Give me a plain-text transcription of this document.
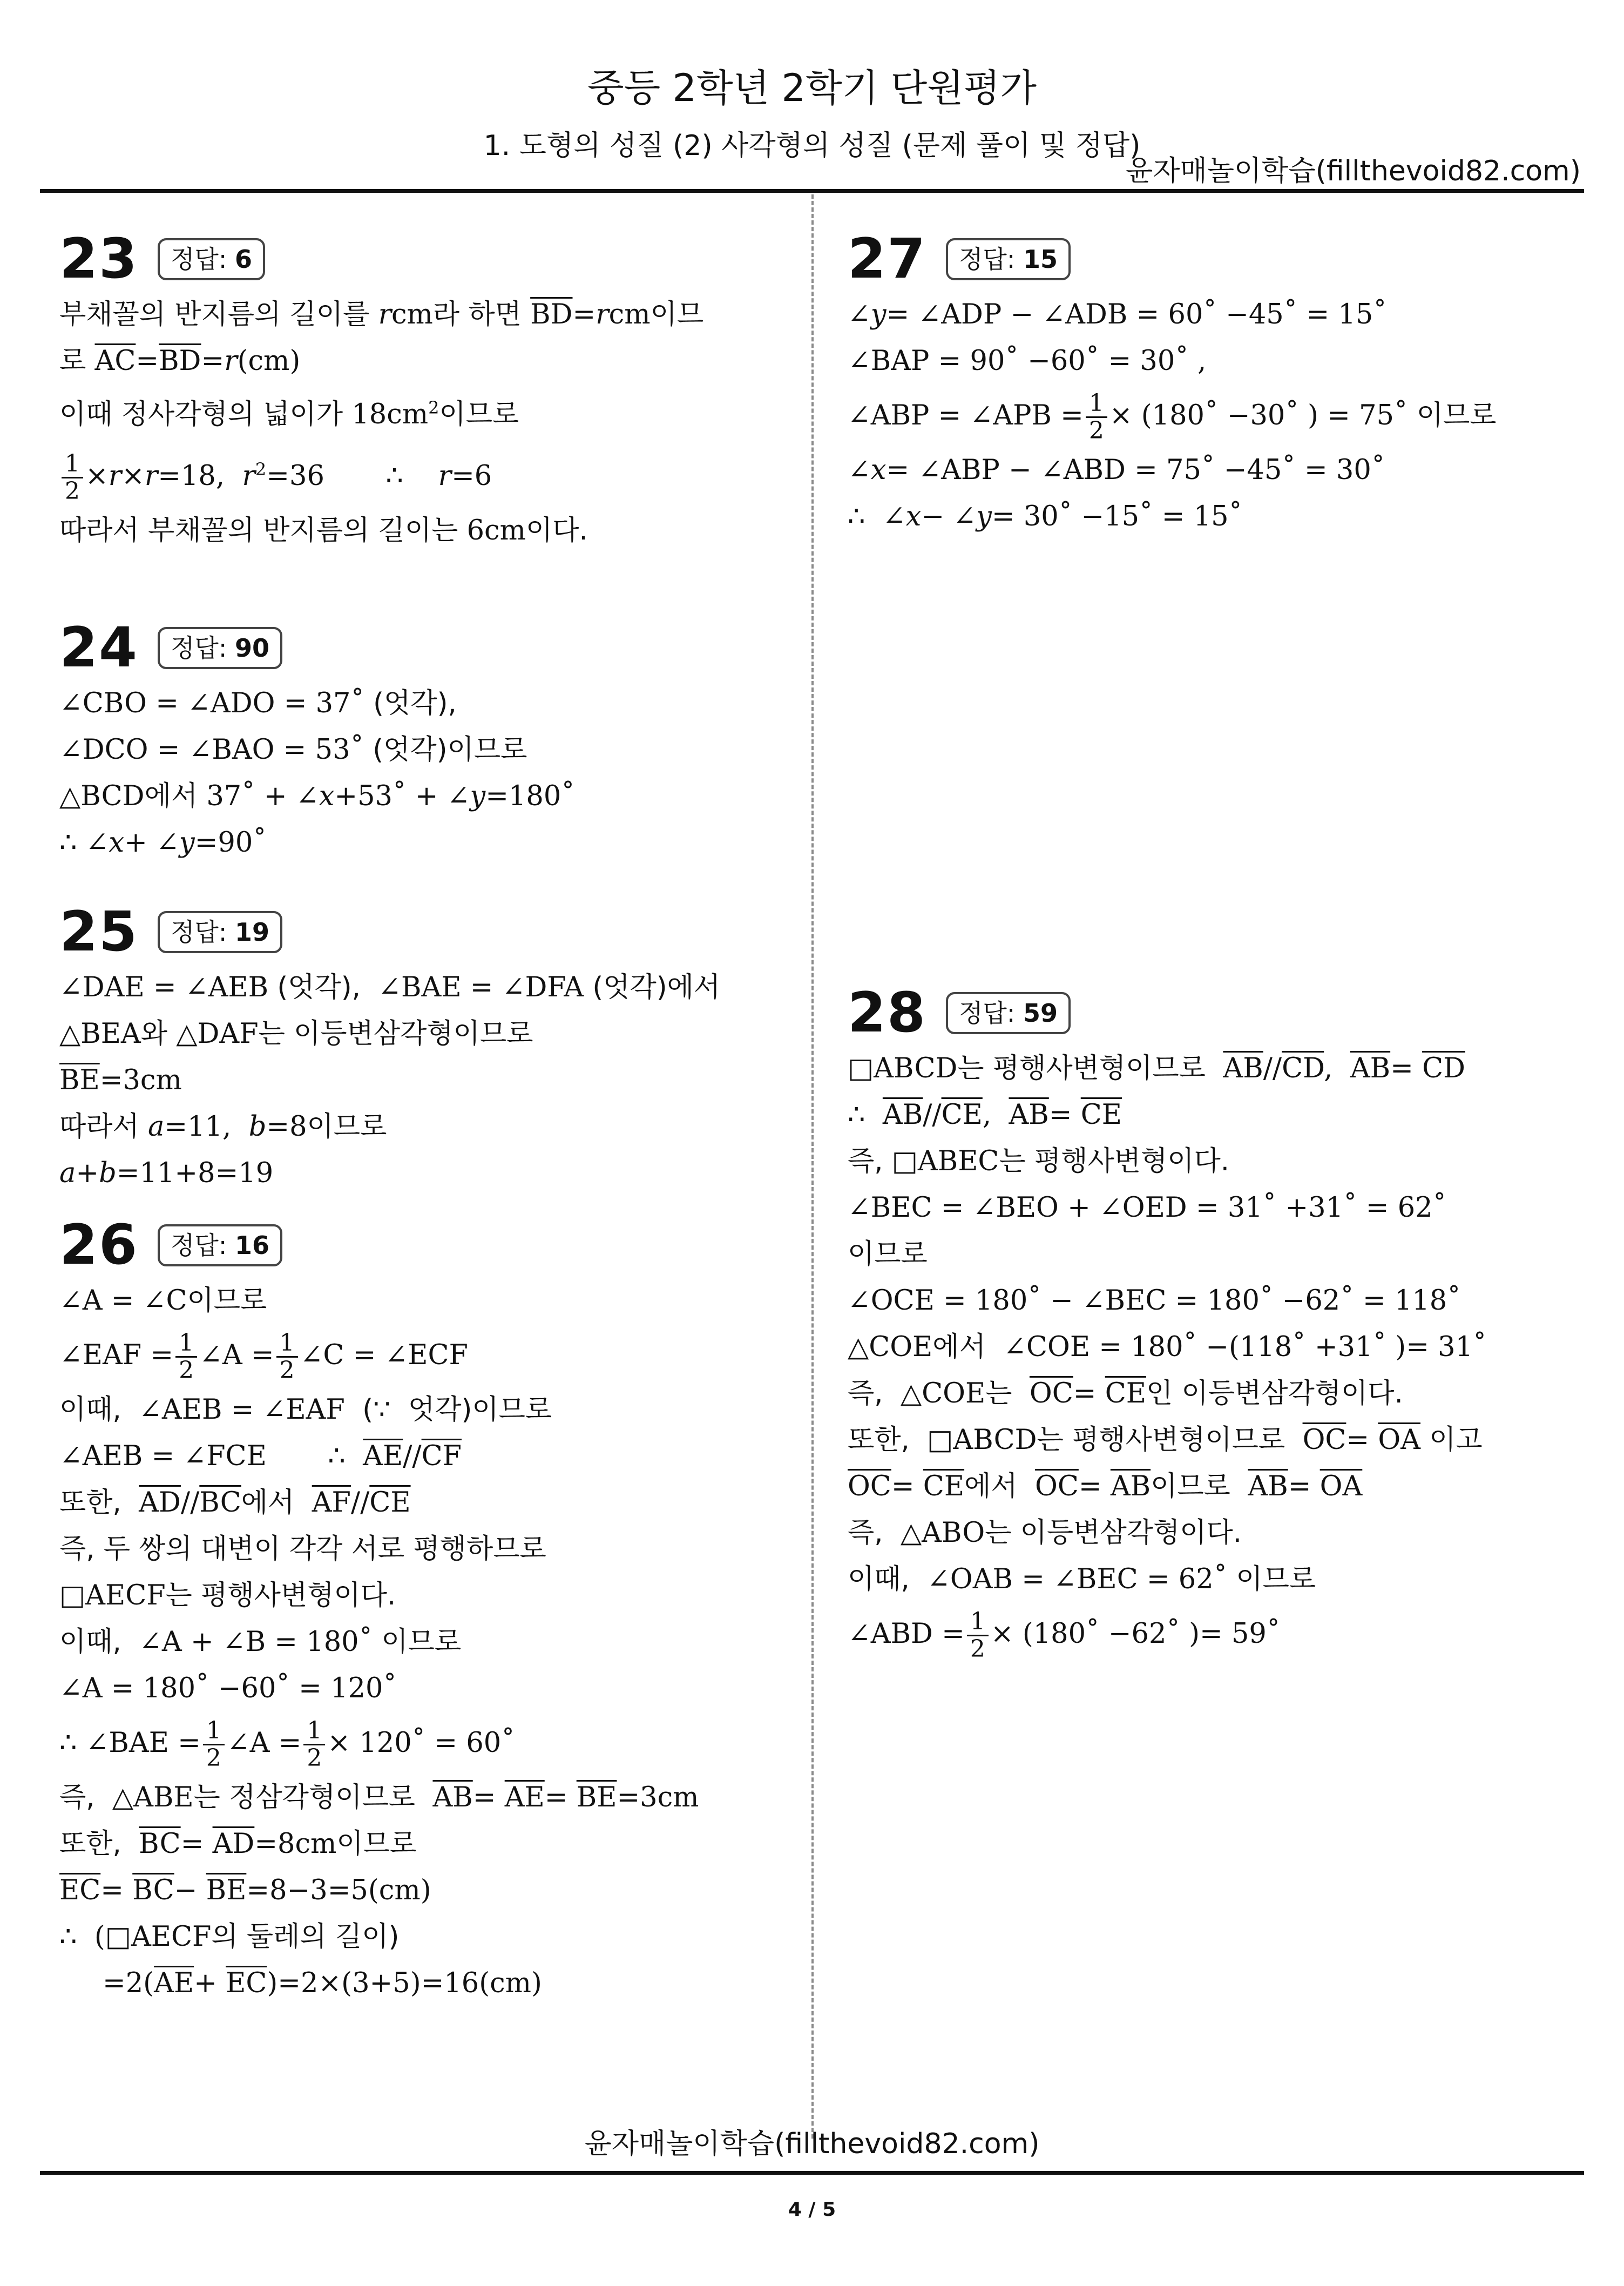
중등 2학년 2학기 단원평가
1. 도형의 성질 (2) 사각형의 성질 (문제 풀이 및 정답)
윤자매놀이학습(fillthevoid82.com)
23	정답: 6
부채꼴의 반지름의 길이를 rcm라 하면 $\overline{BD}=rcm$이므
로 $\overline{AC}=\overline{BD}=r(cm)$
이때 정사각형의 넓이가 $18cm^2$이므로
$\frac{1}{2} \times r\times r=18$,  $r^2=36$       ∴    r=6
따라서 부채꼴의 반지름의 길이는 6cm이다.
24	정답: 90
∠CBO = ∠ADO = 37˚ (엇각),
∠DCO = ∠BAO = 53˚ (엇각)이므로
△BCD에서 37˚ + ∠x+53˚ + ∠y=180˚
∴ ∠x+ ∠y=90˚
25	정답: 19
∠DAE = ∠AEB (엇각),  ∠BAE = ∠DFA (엇각)에서
△BEA와 △DAF는 이등변삼각형이므로
$\overline{BE}=3cm$
따라서 a=11,  b=8이므로
a+b=11+8=19
26	정답: 16
∠A = ∠C이므로
∠EAF = $\frac{1}{2}$ ∠A = $\frac{1}{2}$ ∠C = ∠ECF
이때,  ∠AEB = ∠EAF  (∵  엇각)이므로
∠AEB = ∠FCE       ∴  $\overline{AE}//\overline{CF}$
또한,  $\overline{AD}//\overline{BC}$에서  $\overline{AF}//\overline{CE}$
즉, 두 쌍의 대변이 각각 서로 평행하므로
□AECF는 평행사변형이다.
이때,  ∠A + ∠B = 180˚ 이므로
∠A = 180˚ −60˚ = 120˚
∴ ∠BAE = $\frac{1}{2}$ ∠A = $\frac{1}{2}$ × 120˚ = 60˚
즉,  △ABE는 정삼각형이므로  $\overline{AB}= \overline{AE}= \overline{BE}=3cm$
또한,  $\overline{BC}= \overline{AD}=8cm$이므로
$\overline{EC}= \overline{BC}- \overline{BE}=8-3=5(cm)$
∴  (□AECF의 둘레의 길이)
$=2(\overline{AE}+ \overline{EC})=2\times(3+5)=16(cm)$
27	정답: 15
∠y= ∠ADP − ∠ADB = 60˚ −45˚ = 15˚
∠BAP = 90˚ −60˚ = 30˚ ,
∠ABP = ∠APB = $\frac{1}{2}$ × (180˚ −30˚ ) = 75˚ 이므로
∠x= ∠ABP − ∠ABD = 75˚ −45˚ = 30˚
∴  ∠x− ∠y= 30˚ −15˚ = 15˚
28	정답: 59
□ABCD는 평행사변형이므로  $\overline{AB}//\overline{CD}$,  $\overline{AB}= \overline{CD}$
∴  $\overline{AB}//\overline{CE}$,  $\overline{AB}= \overline{CE}$
즉, □ABEC는 평행사변형이다.
∠BEC = ∠BEO + ∠OED = 31˚ +31˚ = 62˚
이므로
∠OCE = 180˚ − ∠BEC = 180˚ −62˚ = 118˚
△COE에서  ∠COE = 180˚ −(118˚ +31˚ )= 31˚
즉,  △COE는  $\overline{OC}= \overline{CE}$인 이등변삼각형이다.
또한,  □ABCD는 평행사변형이므로  $\overline{OC}= \overline{OA}$ 이고
$\overline{OC}= \overline{CE}$에서  $\overline{OC}= \overline{AB}$이므로  $\overline{AB}= \overline{OA}$
즉,  △ABO는 이등변삼각형이다.
이때,  ∠OAB = ∠BEC = 62˚ 이므로
∠ABD = $\frac{1}{2}$ × (180˚ −62˚ )= 59˚
윤자매놀이학습(fillthevoid82.com)
4 / 5
